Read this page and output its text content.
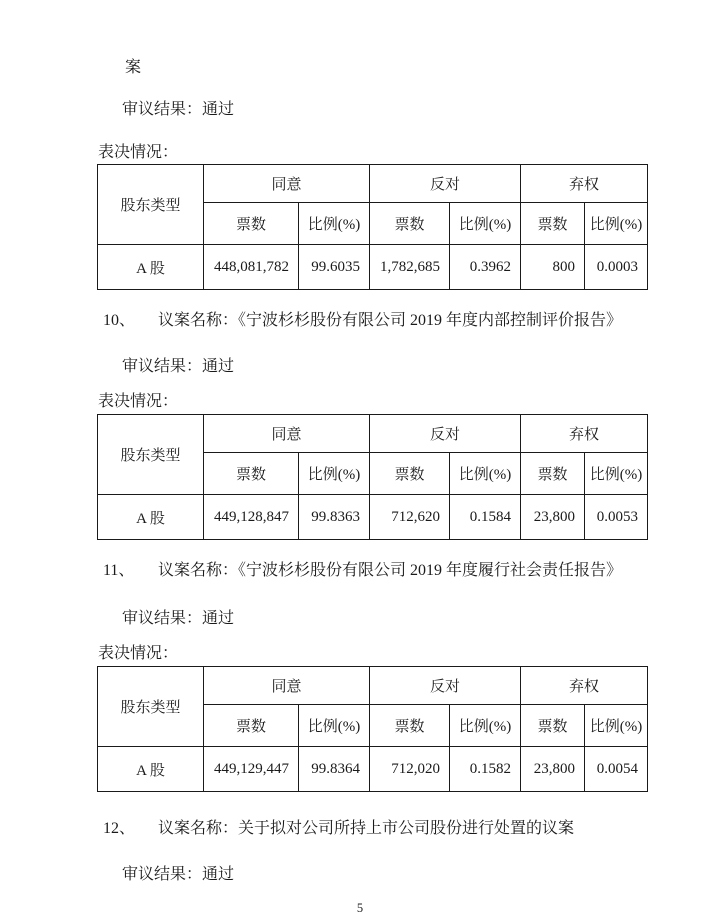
案
审议结果：通过
表决情况：
股东类型	同意		反对		弃权	
	票数	比例(%)	票数	比例(%)	票数	比例(%)
A 股	448,081,782	99.6035	1,782,685	0.3962	800	0.0003
10、 议案名称：《宁波杉杉股份有限公司 2019 年度内部控制评价报告》
审议结果：通过
表决情况：
股东类型	同意		反对		弃权	
	票数	比例(%)	票数	比例(%)	票数	比例(%)
A 股	449,128,847	99.8363	712,620	0.1584	23,800	0.0053
11、 议案名称：《宁波杉杉股份有限公司 2019 年度履行社会责任报告》
审议结果：通过
表决情况：
股东类型	同意		反对		弃权	
	票数	比例(%)	票数	比例(%)	票数	比例(%)
A 股	449,129,447	99.8364	712,020	0.1582	23,800	0.0054
12、 议案名称：关于拟对公司所持上市公司股份进行处置的议案
审议结果：通过
5
